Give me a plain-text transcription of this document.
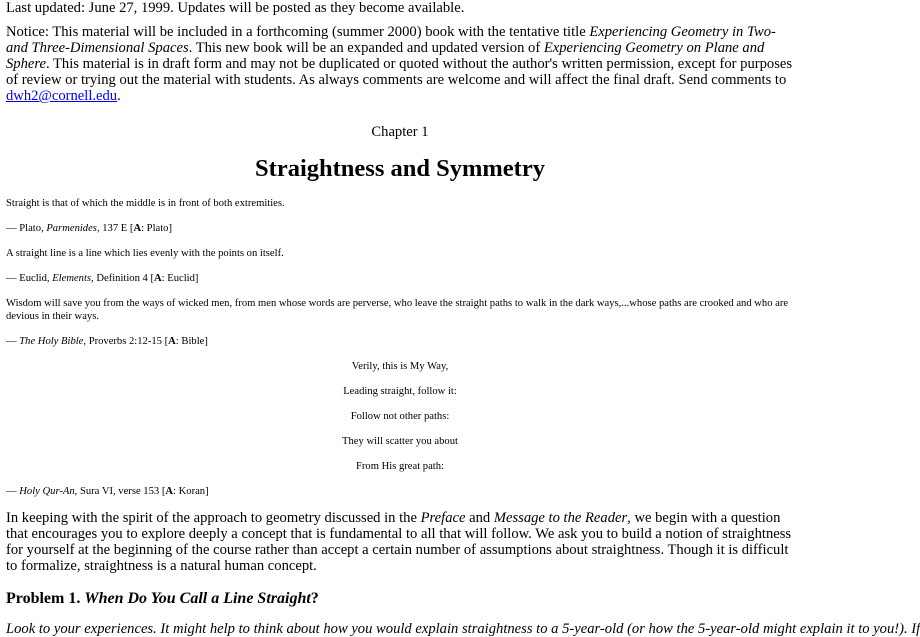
Last updated: June 27, 1999. Updates will be posted as they become available.

Notice: This material will be included in a forthcoming (summer 2000) book with the tentative title Experiencing Geometry in Two- and Three-Dimensional Spaces. This new book will be an expanded and updated version of Experiencing Geometry on Plane and Sphere. This material is in draft form and may not be duplicated or quoted without the author's written permission, except for purposes of review or trying out the material with students. As always comments are welcome and will affect the final draft. Send comments to dwh2@cornell.edu.

Chapter 1

Straightness and Symmetry

Straight is that of which the middle is in front of both extremities.

— Plato, Parmenides, 137 E [A: Plato]

A straight line is a line which lies evenly with the points on itself.

— Euclid, Elements, Definition 4 [A: Euclid]

Wisdom will save you from the ways of wicked men, from men whose words are perverse, who leave the straight paths to walk in the dark ways,...whose paths are crooked and who are devious in their ways.

— The Holy Bible, Proverbs 2:12-15 [A: Bible]

Verily, this is My Way,

Leading straight, follow it:

Follow not other paths:

They will scatter you about

From His great path:

— Holy Qur-An, Sura VI, verse 153 [A: Koran]

In keeping with the spirit of the approach to geometry discussed in the Preface and Message to the Reader, we begin with a question that encourages you to explore deeply a concept that is fundamental to all that will follow. We ask you to build a notion of straightness for yourself at the beginning of the course rather than accept a certain number of assumptions about straightness. Though it is difficult to formalize, straightness is a natural human concept.

Problem 1. When Do You Call a Line Straight?

Look to your experiences. It might help to think about how you would explain straightness to a 5-year-old (or how the 5-year-old might explain it to you!). If
